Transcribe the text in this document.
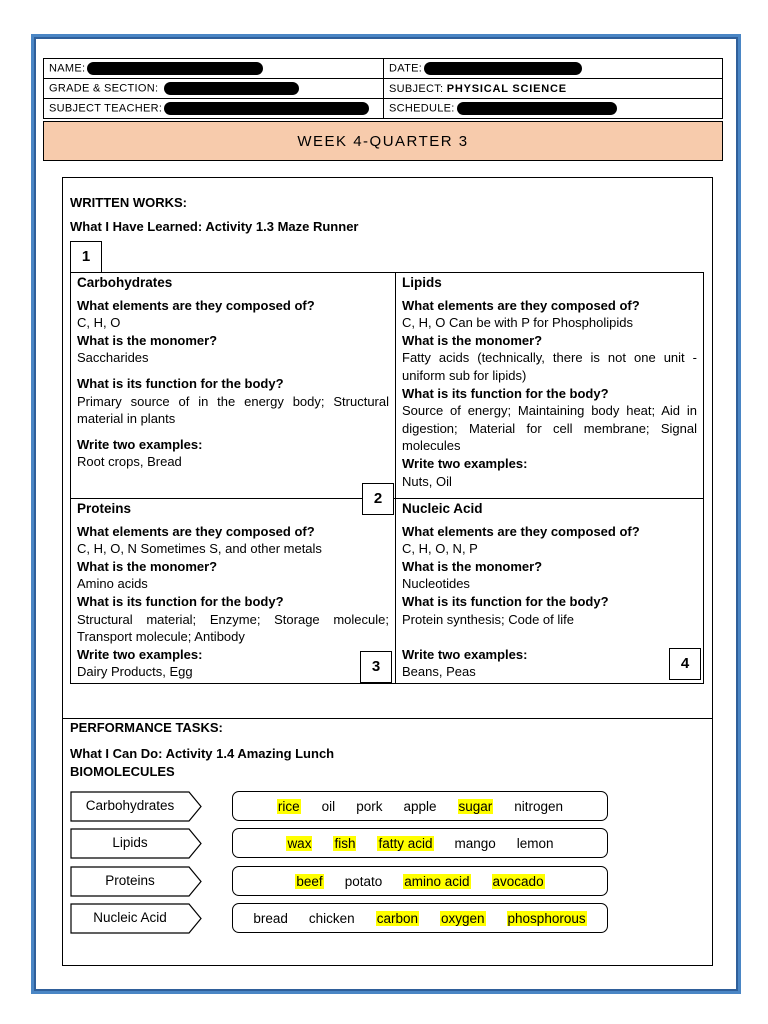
NAME:	DATE:
GRADE & SECTION:	SUBJECT: PHYSICAL SCIENCE
SUBJECT TEACHER:	SCHEDULE:
WEEK 4-QUARTER 3
WRITTEN WORKS:
What I Have Learned: Activity 1.3 Maze Runner
Carbohydrates
What elements are they composed of?
C, H, O
What is the monomer?
Saccharides
What is its function for the body?
Primary source of in the energy body; Structural material in plants
Write two examples:
Root crops, Bread
Lipids
What elements are they composed of?
C, H, O Can be with P for Phospholipids
What is the monomer?
Fatty acids (technically, there is not one unit - uniform sub for lipids)
What is its function for the body?
Source of energy; Maintaining body heat; Aid in digestion; Material for cell membrane; Signal molecules
Write two examples:
Nuts, Oil
Proteins
What elements are they composed of?
C, H, O, N Sometimes S, and other metals
What is the monomer?
Amino acids
What is its function for the body?
Structural material; Enzyme; Storage molecule; Transport molecule; Antibody
Write two examples:
Dairy Products, Egg
Nucleic Acid
What elements are they composed of?
C, H, O, N, P
What is the monomer?
Nucleotides
What is its function for the body?
Protein synthesis; Code of life
Write two examples:
Beans, Peas
1
2
3	4
PERFORMANCE TASKS:
What I Can Do: Activity 1.4 Amazing Lunch
BIOMOLECULES
Carbohydrates	rice oil pork apple sugar nitrogen
Lipids	wax fish fatty acid mango lemon
Proteins	beef potato amino acid avocado
Nucleic Acid	bread chicken carbon oxygen phosphorous
